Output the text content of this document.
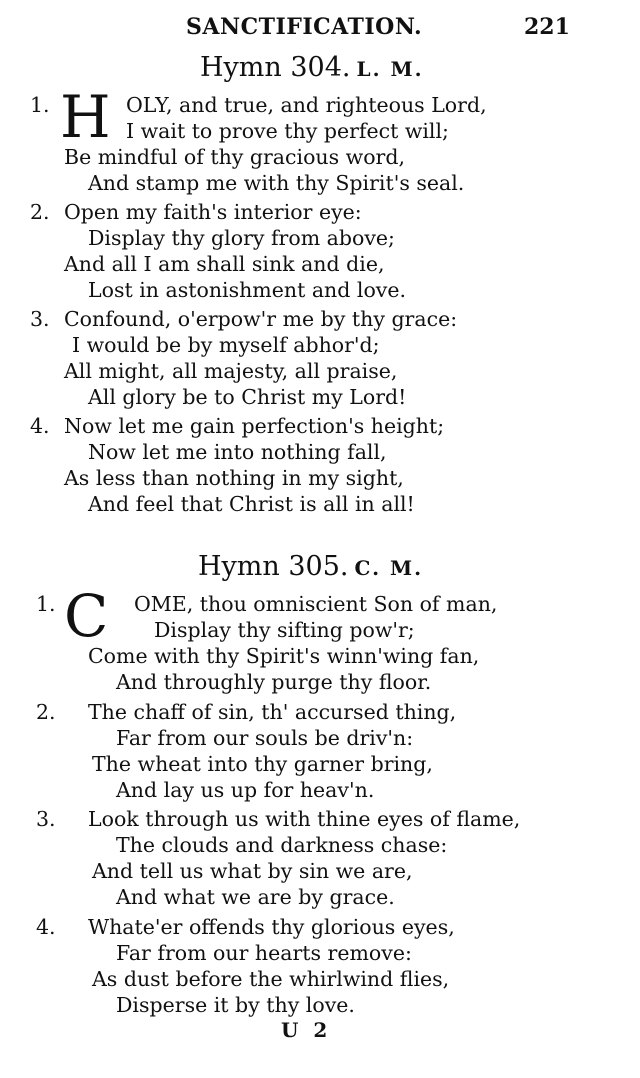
SANCTIFICATION.	221
Hymn 304. L. M.
1. H OLY, and true, and righteous Lord,
I wait to prove thy perfect will;
Be mindful of thy gracious word,
And stamp me with thy Spirit's seal.
2. Open my faith's interior eye:
Display thy glory from above;
And all I am shall sink and die,
Lost in astonishment and love.
3. Confound, o'erpow'r me by thy grace:
I would be by myself abhor'd;
All might, all majesty, all praise,
All glory be to Christ my Lord!
4. Now let me gain perfection's height;
Now let me into nothing fall,
As less than nothing in my sight,
And feel that Christ is all in all!
Hymn 305. C. M.
1. C OME, thou omniscient Son of man,
Display thy sifting pow'r;
Come with thy Spirit's winn'wing fan,
And throughly purge thy floor.
2.	The chaff of sin, th' accursed thing,
Far from our souls be driv'n:
The wheat into thy garner bring,
And lay us up for heav'n.
3.	Look through us with thine eyes of flame,
The clouds and darkness chase:
And tell us what by sin we are,
And what we are by grace.
4.	Whate'er offends thy glorious eyes,
Far from our hearts remove:
As dust before the whirlwind flies,
Disperse it by thy love.
U 2
